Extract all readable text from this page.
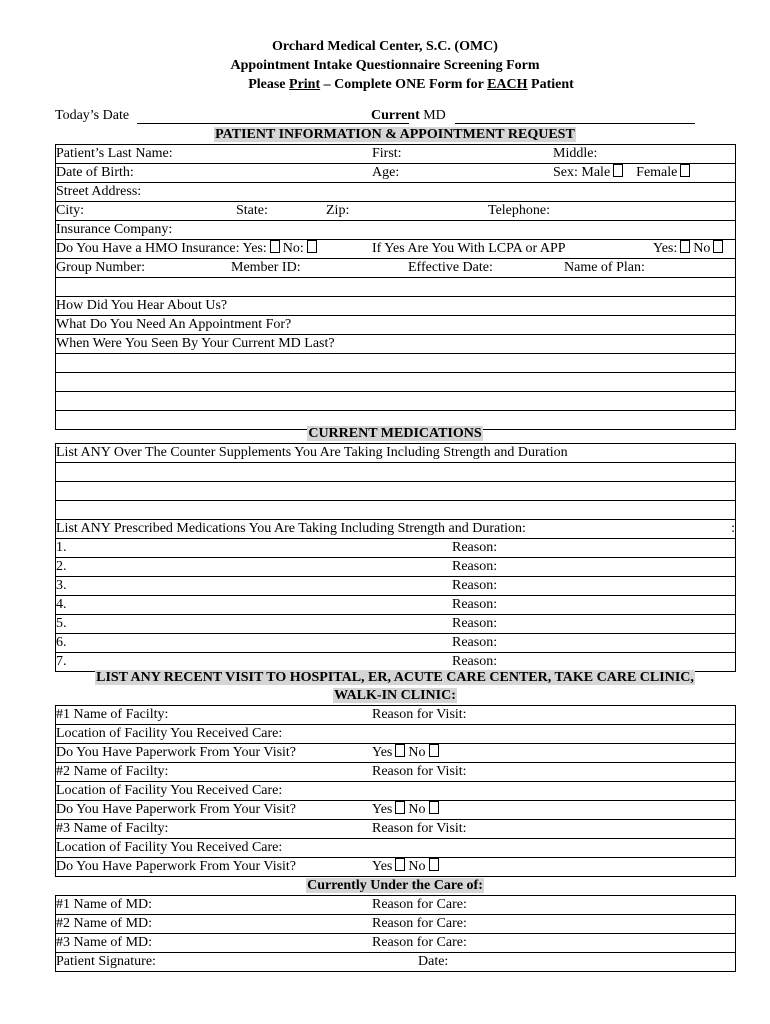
Orchard Medical Center, S.C. (OMC)
Appointment Intake Questionnaire Screening Form
Please Print – Complete ONE Form for EACH Patient
Today’s Date	Current MD
PATIENT INFORMATION & APPOINTMENT REQUEST
Patient’s Last Name:	First:	Middle:
Date of Birth:	Age:	Sex: Male Female
Street Address:
City:	State:	Zip:	Telephone:
Insurance Company:
Do You Have a HMO Insurance: Yes: No:	If Yes Are You With LCPA or APP	Yes: No
Group Number:	Member ID:	Effective Date:	Name of Plan:
How Did You Hear About Us?
What Do You Need An Appointment For?
When Were You Seen By Your Current MD Last?
CURRENT MEDICATIONS
List ANY Over The Counter Supplements You Are Taking Including Strength and Duration
List ANY Prescribed Medications You Are Taking Including Strength and Duration:	:
1.	Reason:
2.	Reason:
3.	Reason:
4.	Reason:
5.	Reason:
6.	Reason:
7.	Reason:
LIST ANY RECENT VISIT TO HOSPITAL, ER, ACUTE CARE CENTER, TAKE CARE CLINIC,
WALK-IN CLINIC:
#1 Name of Facilty:	Reason for Visit:
Location of Facility You Received Care:
Do You Have Paperwork From Your Visit?	Yes No
#2 Name of Facilty:	Reason for Visit:
Location of Facility You Received Care:
Do You Have Paperwork From Your Visit?	Yes No
#3 Name of Facilty:	Reason for Visit:
Location of Facility You Received Care:
Do You Have Paperwork From Your Visit?	Yes No
Currently Under the Care of:
#1 Name of MD:	Reason for Care:
#2 Name of MD:	Reason for Care:
#3 Name of MD:	Reason for Care:
Patient Signature:	Date:
